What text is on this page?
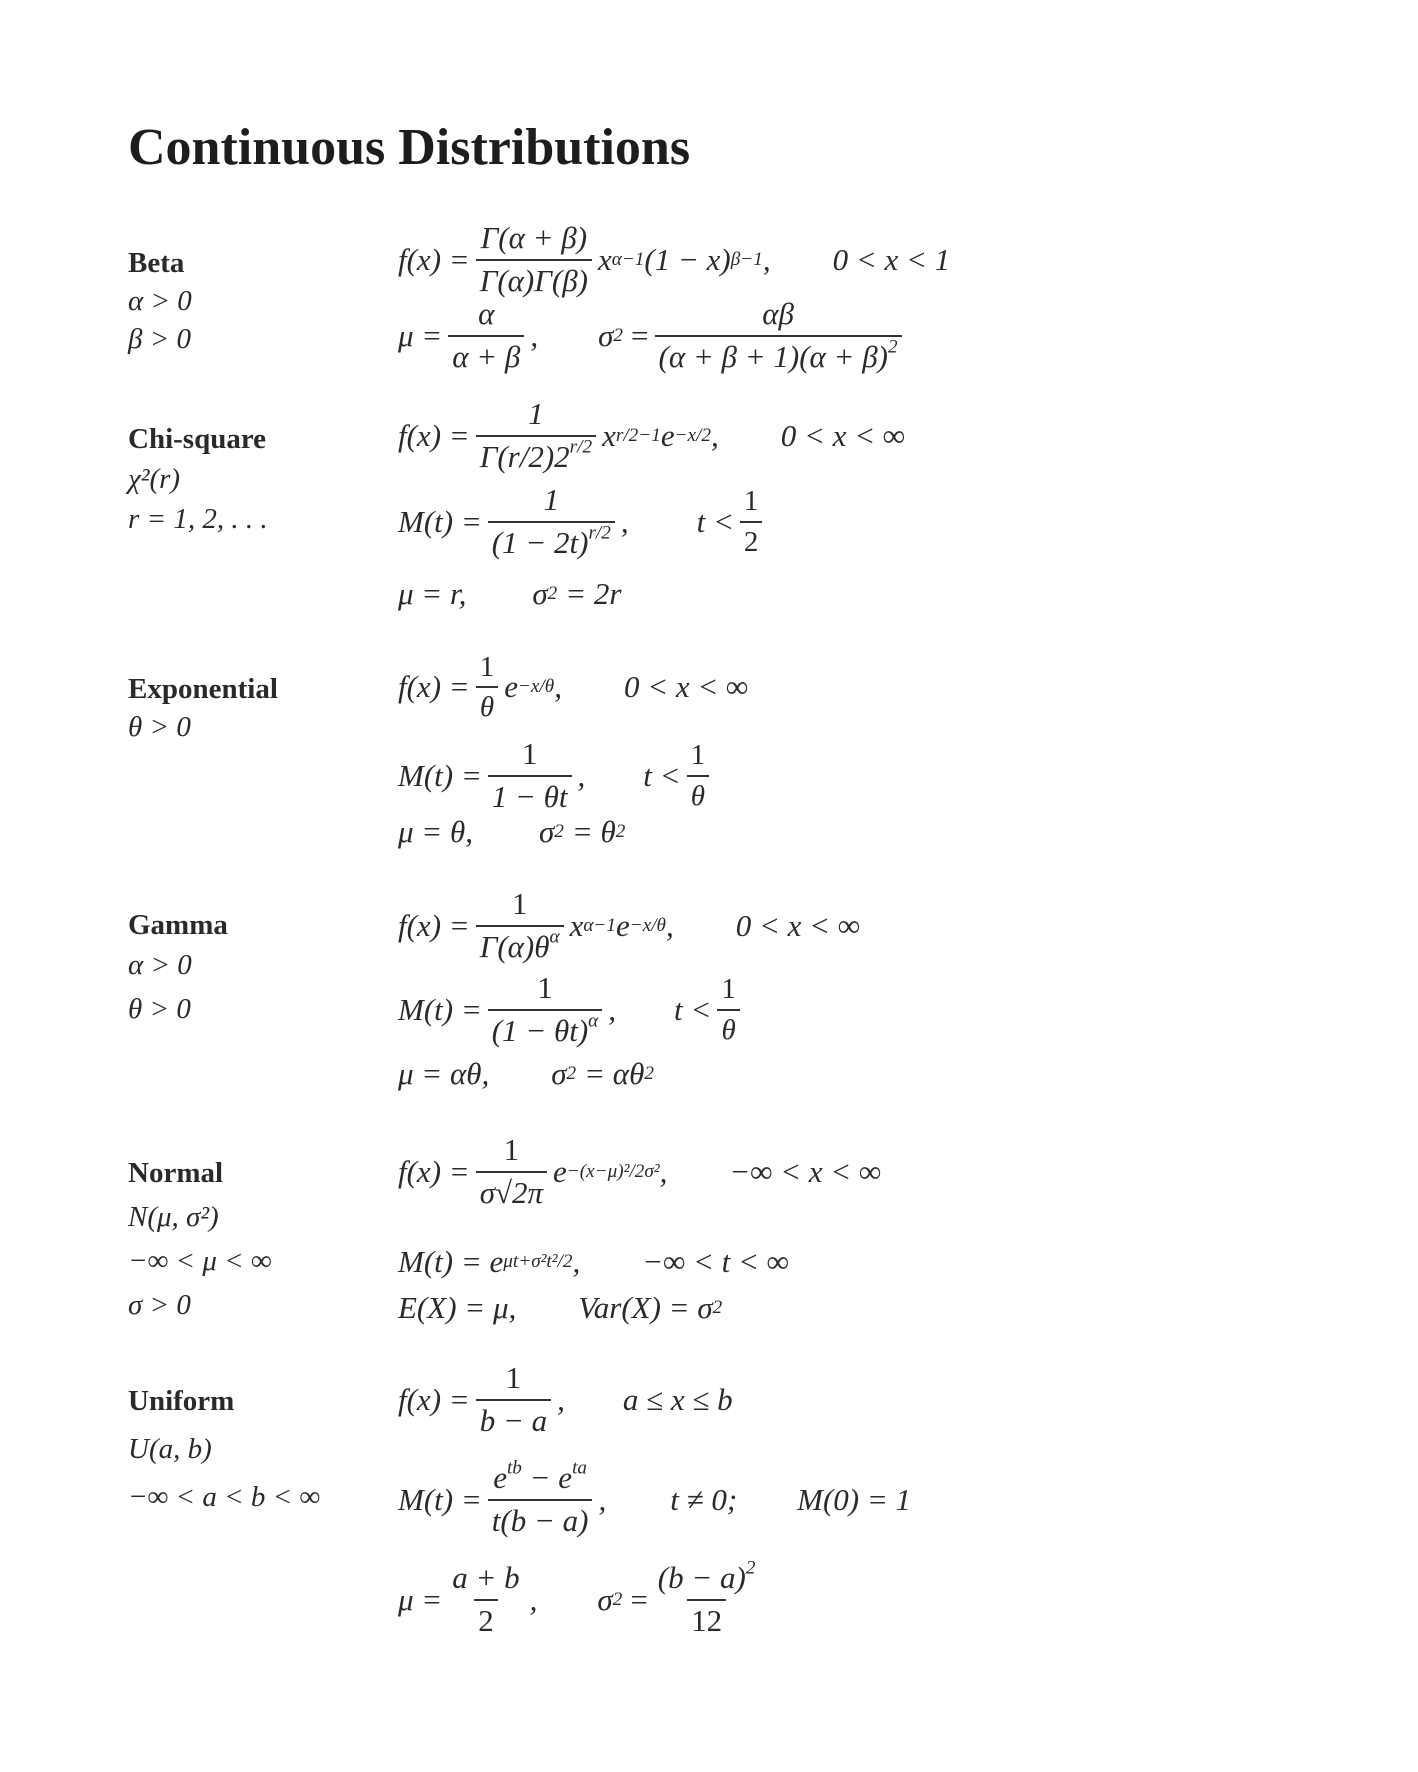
Continuous Distributions
Beta
α > 0
β > 0
$f(x) = \frac{\Gamma(\alpha + \beta)}{\Gamma(\alpha)\Gamma(\beta)}$ x α−1 (1 − x) β−1 , 0 < x < 1
$\mu = \frac{\alpha}{\alpha + \beta}$ , σ $2 = \frac{\alpha\beta}{(\alpha + \beta + 1)(\alpha + \beta)^2}$
Chi-square
χ²(r)
r = 1, 2, . . .
$f(x) = \frac{1}{\Gamma(r/2)2^{r/2}}$ x r/2−1 e −x/2 , 0 < x < ∞
$M(t) = \frac{1}{(1 - 2t)^{r/2}}$ , $t < \frac{1}{2}$
μ = r, σ 2 = 2r
Exponential
θ > 0
$f(x) = \frac{1}{\theta}$ e −x/θ , 0 < x < ∞
$M(t) = \frac{1}{1 - \theta t}$ , $t < \frac{1}{\theta}$
μ = θ, σ 2 = θ 2
Gamma
α > 0
θ > 0
$f(x) = \frac{1}{\Gamma(\alpha)\theta^\alpha}$ x α−1 e −x/θ , 0 < x < ∞
$M(t) = \frac{1}{(1 - \theta t)^\alpha}$ , $t < \frac{1}{\theta}$
μ = αθ, σ 2 = αθ 2
Normal
N(μ, σ²)
−∞ < μ < ∞
σ > 0
$f(x) = \frac{1}{\sigma√2\pi}$ e −(x−μ)²/2σ² , −∞ < x < ∞
M(t) = e μt+σ²t²/2 , −∞ < t < ∞
E(X) = μ, Var(X) = σ 2
Uniform
U(a, b)
−∞ < a < b < ∞
$f(x) = \frac{1}{b - a}$ , a ≤ x ≤ b
$M(t) = \frac{e^{tb} - e^{ta}}{t(b - a)}$ , t ≠ 0; M(0) = 1
$\mu = \frac{a + b}{2}$ , σ $2 = \frac{(b - a)^2}{12}$
